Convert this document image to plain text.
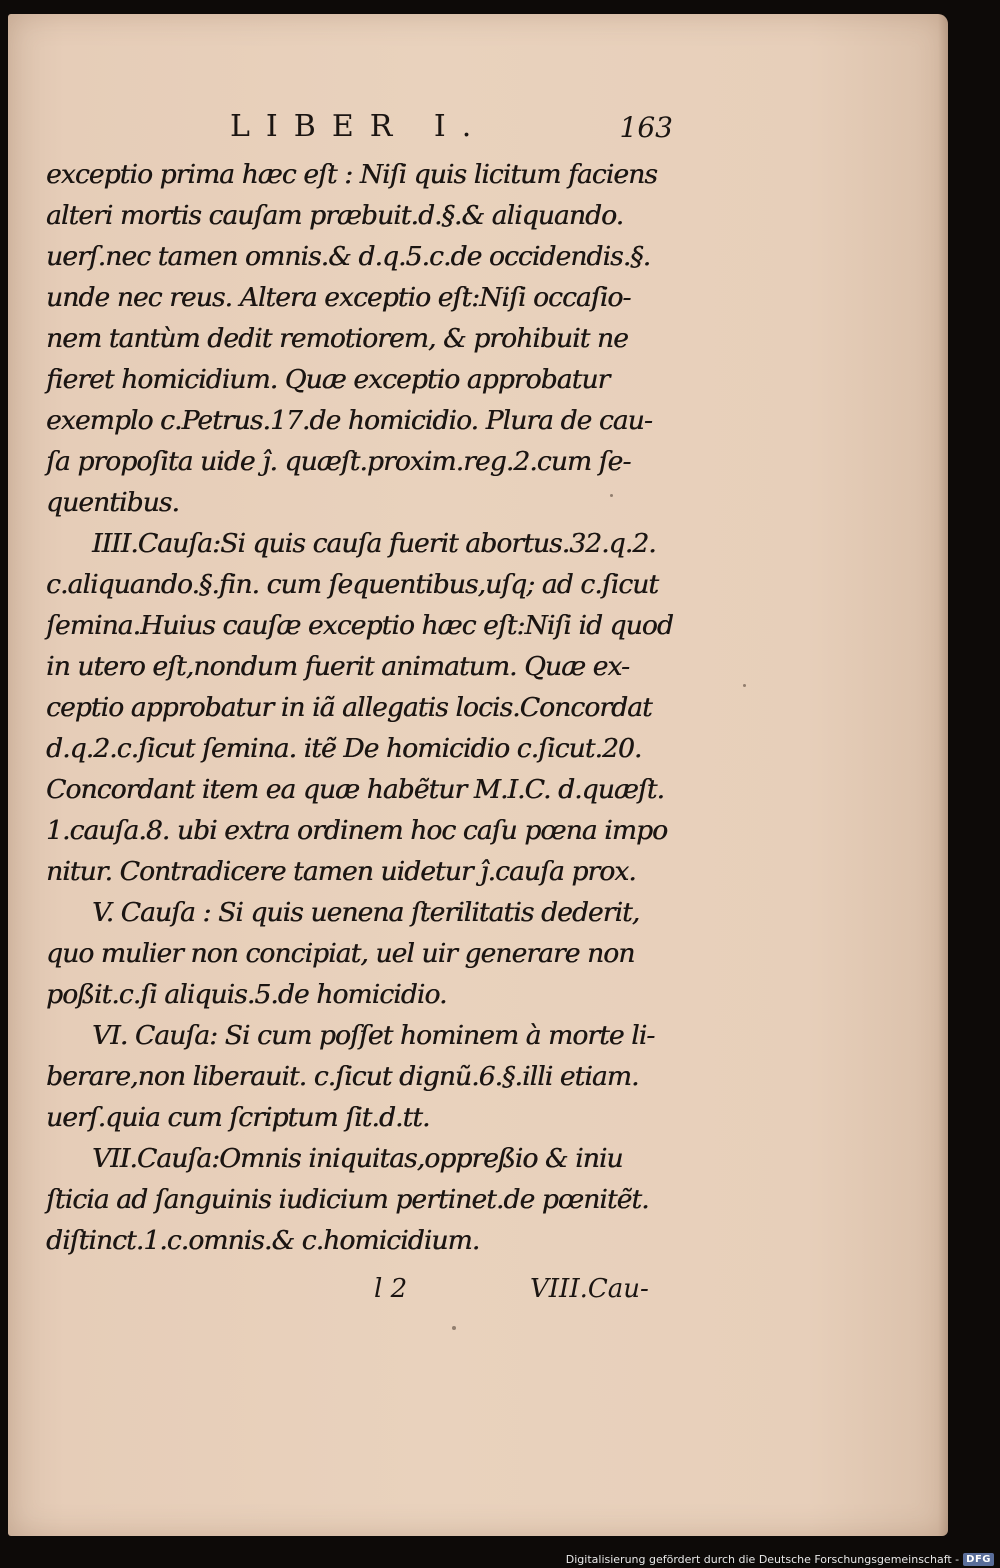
LIBER I.	163
exceptio prima hæc eſt : Niſi quis licitum faciens
alteri mortis cauſam præbuit.d.§.& aliquando.
uerſ.nec tamen omnis.& d.q.5.c.de occidendis.§.
unde nec reus. Altera exceptio eſt:Niſi occaſio-
nem tantùm dedit remotiorem, & prohibuit ne
fieret homicidium. Quæ exceptio approbatur
exemplo c.Petrus.17.de homicidio. Plura de cau-
ſa propoſita uide ĵ. quæſt.proxim.reg.2.cum ſe-
quentibus.
IIII.Cauſa:Si quis cauſa fuerit abortus.32.q.2.
c.aliquando.§.fin. cum ſequentibus,uſq; ad c.ſicut
ſemina.Huius cauſæ exceptio hæc eſt:Niſi id quod
in utero eſt,nondum fuerit animatum. Quæ ex-
ceptio approbatur in iã allegatis locis.Concordat
d.q.2.c.ſicut ſemina. itẽ De homicidio c.ſicut.20.
Concordant item ea quæ habẽtur M.I.C. d.quæſt.
1.cauſa.8. ubi extra ordinem hoc caſu pœna impo
nitur. Contradicere tamen uidetur ĵ.cauſa prox.
V. Cauſa : Si quis uenena ſterilitatis dederit,
quo mulier non concipiat, uel uir generare non
poßit.c.ſi aliquis.5.de homicidio.
VI. Cauſa: Si cum poſſet hominem à morte li-
berare,non liberauit. c.ſicut dignũ.6.§.illi etiam.
uerſ.quia cum ſcriptum ſit.d.tt.
VII.Cauſa:Omnis iniquitas,oppreßio & iniu
ſticia ad ſanguinis iudicium pertinet.de pœnitẽt.
diſtinct.1.c.omnis.& c.homicidium.
l 2	VIII.Cau-
Digitalisierung gefördert durch die Deutsche Forschungsgemeinschaft - DFG
